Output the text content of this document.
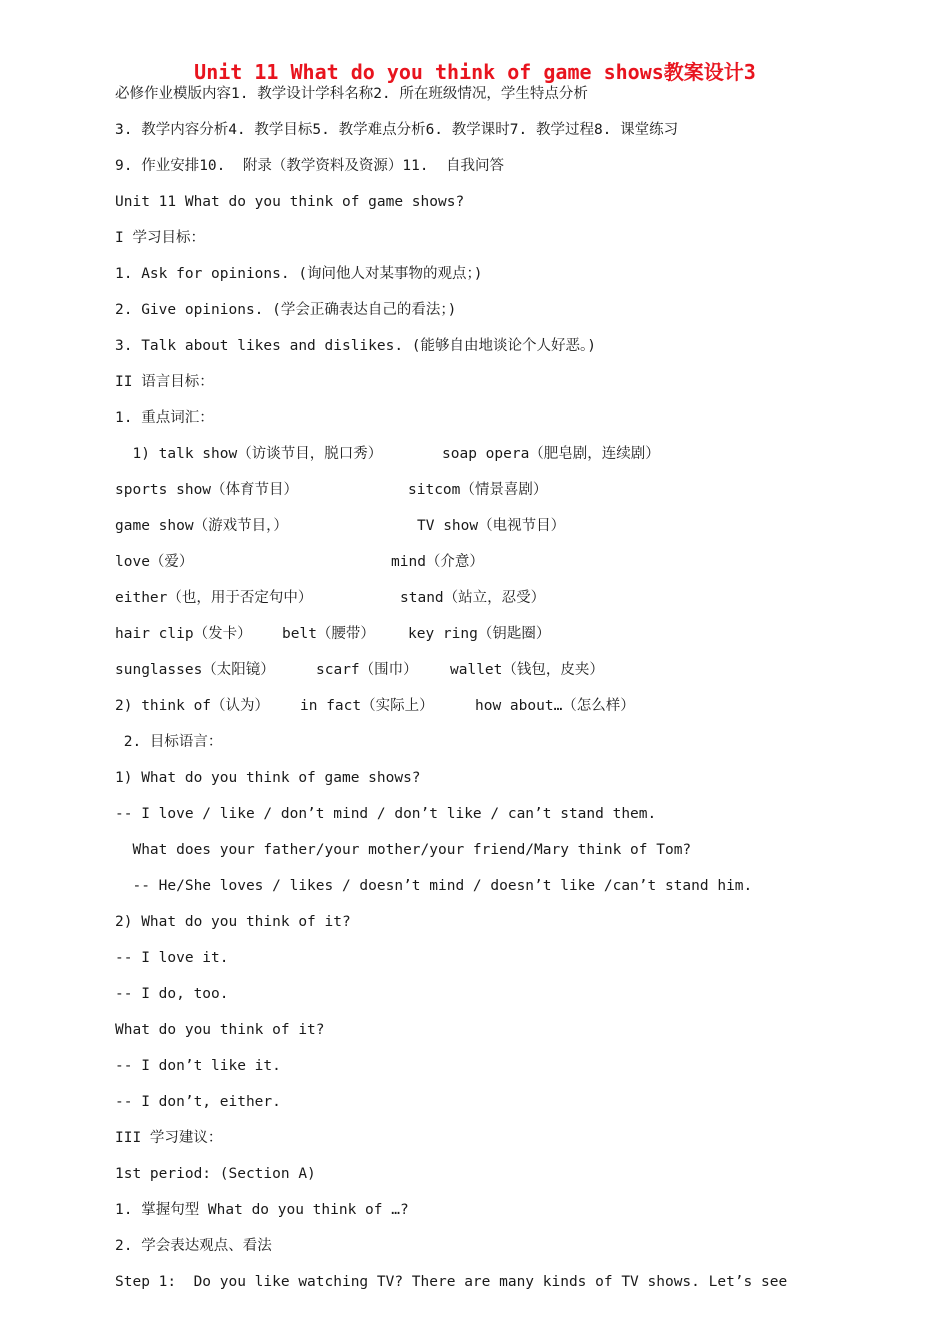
Unit 11 What do you think of game shows教案设计3
必修作业模版内容1. 教学设计学科名称2. 所在班级情况，学生特点分析
3. 教学内容分析4. 教学目标5. 教学难点分析6. 教学课时7. 教学过程8. 课堂练习
9. 作业安排10.  附录（教学资料及资源）11.  自我问答
Unit 11 What do you think of game shows?
I 学习目标：
1. Ask for opinions. (询问他人对某事物的观点；)
2. Give opinions. (学会正确表达自己的看法；)
3. Talk about likes and dislikes. (能够自由地谈论个人好恶。)
II 语言目标：
1. 重点词汇：
1) talk show（访谈节目，脱口秀）	soap opera（肥皂剧，连续剧）
sports show（体育节目）	sitcom（情景喜剧）
game show（游戏节目，）	TV show（电视节目）
love（爱）	mind（介意）
either（也，用于否定句中）	stand（站立，忍受）
hair clip（发卡） belt（腰带） key ring（钥匙圈）
sunglasses（太阳镜）	scarf（围巾） wallet（钱包，皮夹）
2) think of（认为） in fact（实际上）	how about…（怎么样）
2. 目标语言：
1) What do you think of game shows?
-- I love / like / don’t mind / don’t like / can’t stand them.
What does your father/your mother/your friend/Mary think of Tom?
-- He/She loves / likes / doesn’t mind / doesn’t like /can’t stand him.
2) What do you think of it?
-- I love it.
-- I do, too.
What do you think of it?
-- I don’t like it.
-- I don’t, either.
III 学习建议：
1st period: (Section A)
1. 掌握句型 What do you think of …?
2. 学会表达观点、看法
Step 1:  Do you like watching TV? There are many kinds of TV shows. Let’s see
